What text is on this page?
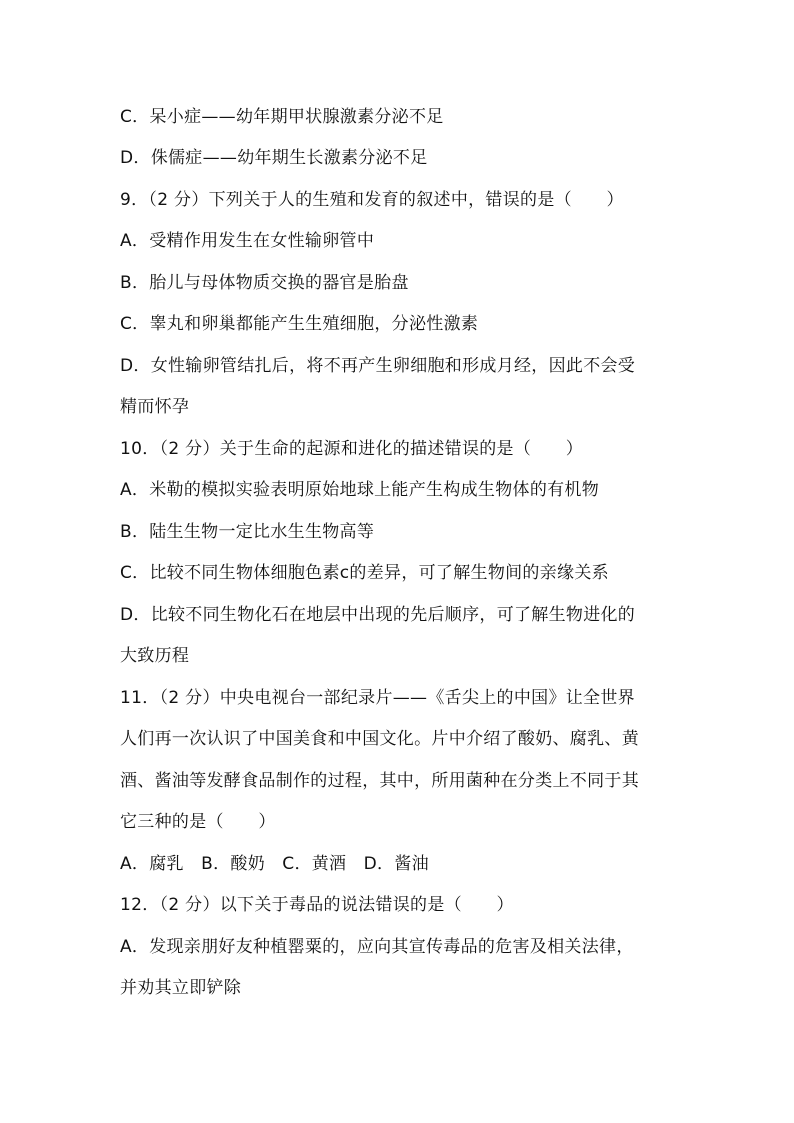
C．呆小症——幼年期甲状腺激素分泌不足
D．侏儒症——幼年期生长激素分泌不足
9．（2 分）下列关于人的生殖和发育的叙述中，错误的是（　　）
A．受精作用发生在女性输卵管中
B．胎儿与母体物质交换的器官是胎盘
C．睾丸和卵巢都能产生生殖细胞，分泌性激素
D．女性输卵管结扎后，将不再产生卵细胞和形成月经，因此不会受
精而怀孕
10．（2 分）关于生命的起源和进化的描述错误的是（　　）
A．米勒的模拟实验表明原始地球上能产生构成生物体的有机物
B．陆生生物一定比水生生物高等
C．比较不同生物体细胞色素c的差异，可了解生物间的亲缘关系
D．比较不同生物化石在地层中出现的先后顺序，可了解生物进化的
大致历程
11．（2 分）中央电视台一部纪录片——《舌尖上的中国》让全世界
人们再一次认识了中国美食和中国文化。片中介绍了酸奶、腐乳、黄
酒、酱油等发酵食品制作的过程，其中，所用菌种在分类上不同于其
它三种的是（　　）
A．腐乳　B．酸奶　C．黄酒　D．酱油
12．（2 分）以下关于毒品的说法错误的是（　　）
A．发现亲朋好友种植罂粟的，应向其宣传毒品的危害及相关法律，
并劝其立即铲除
